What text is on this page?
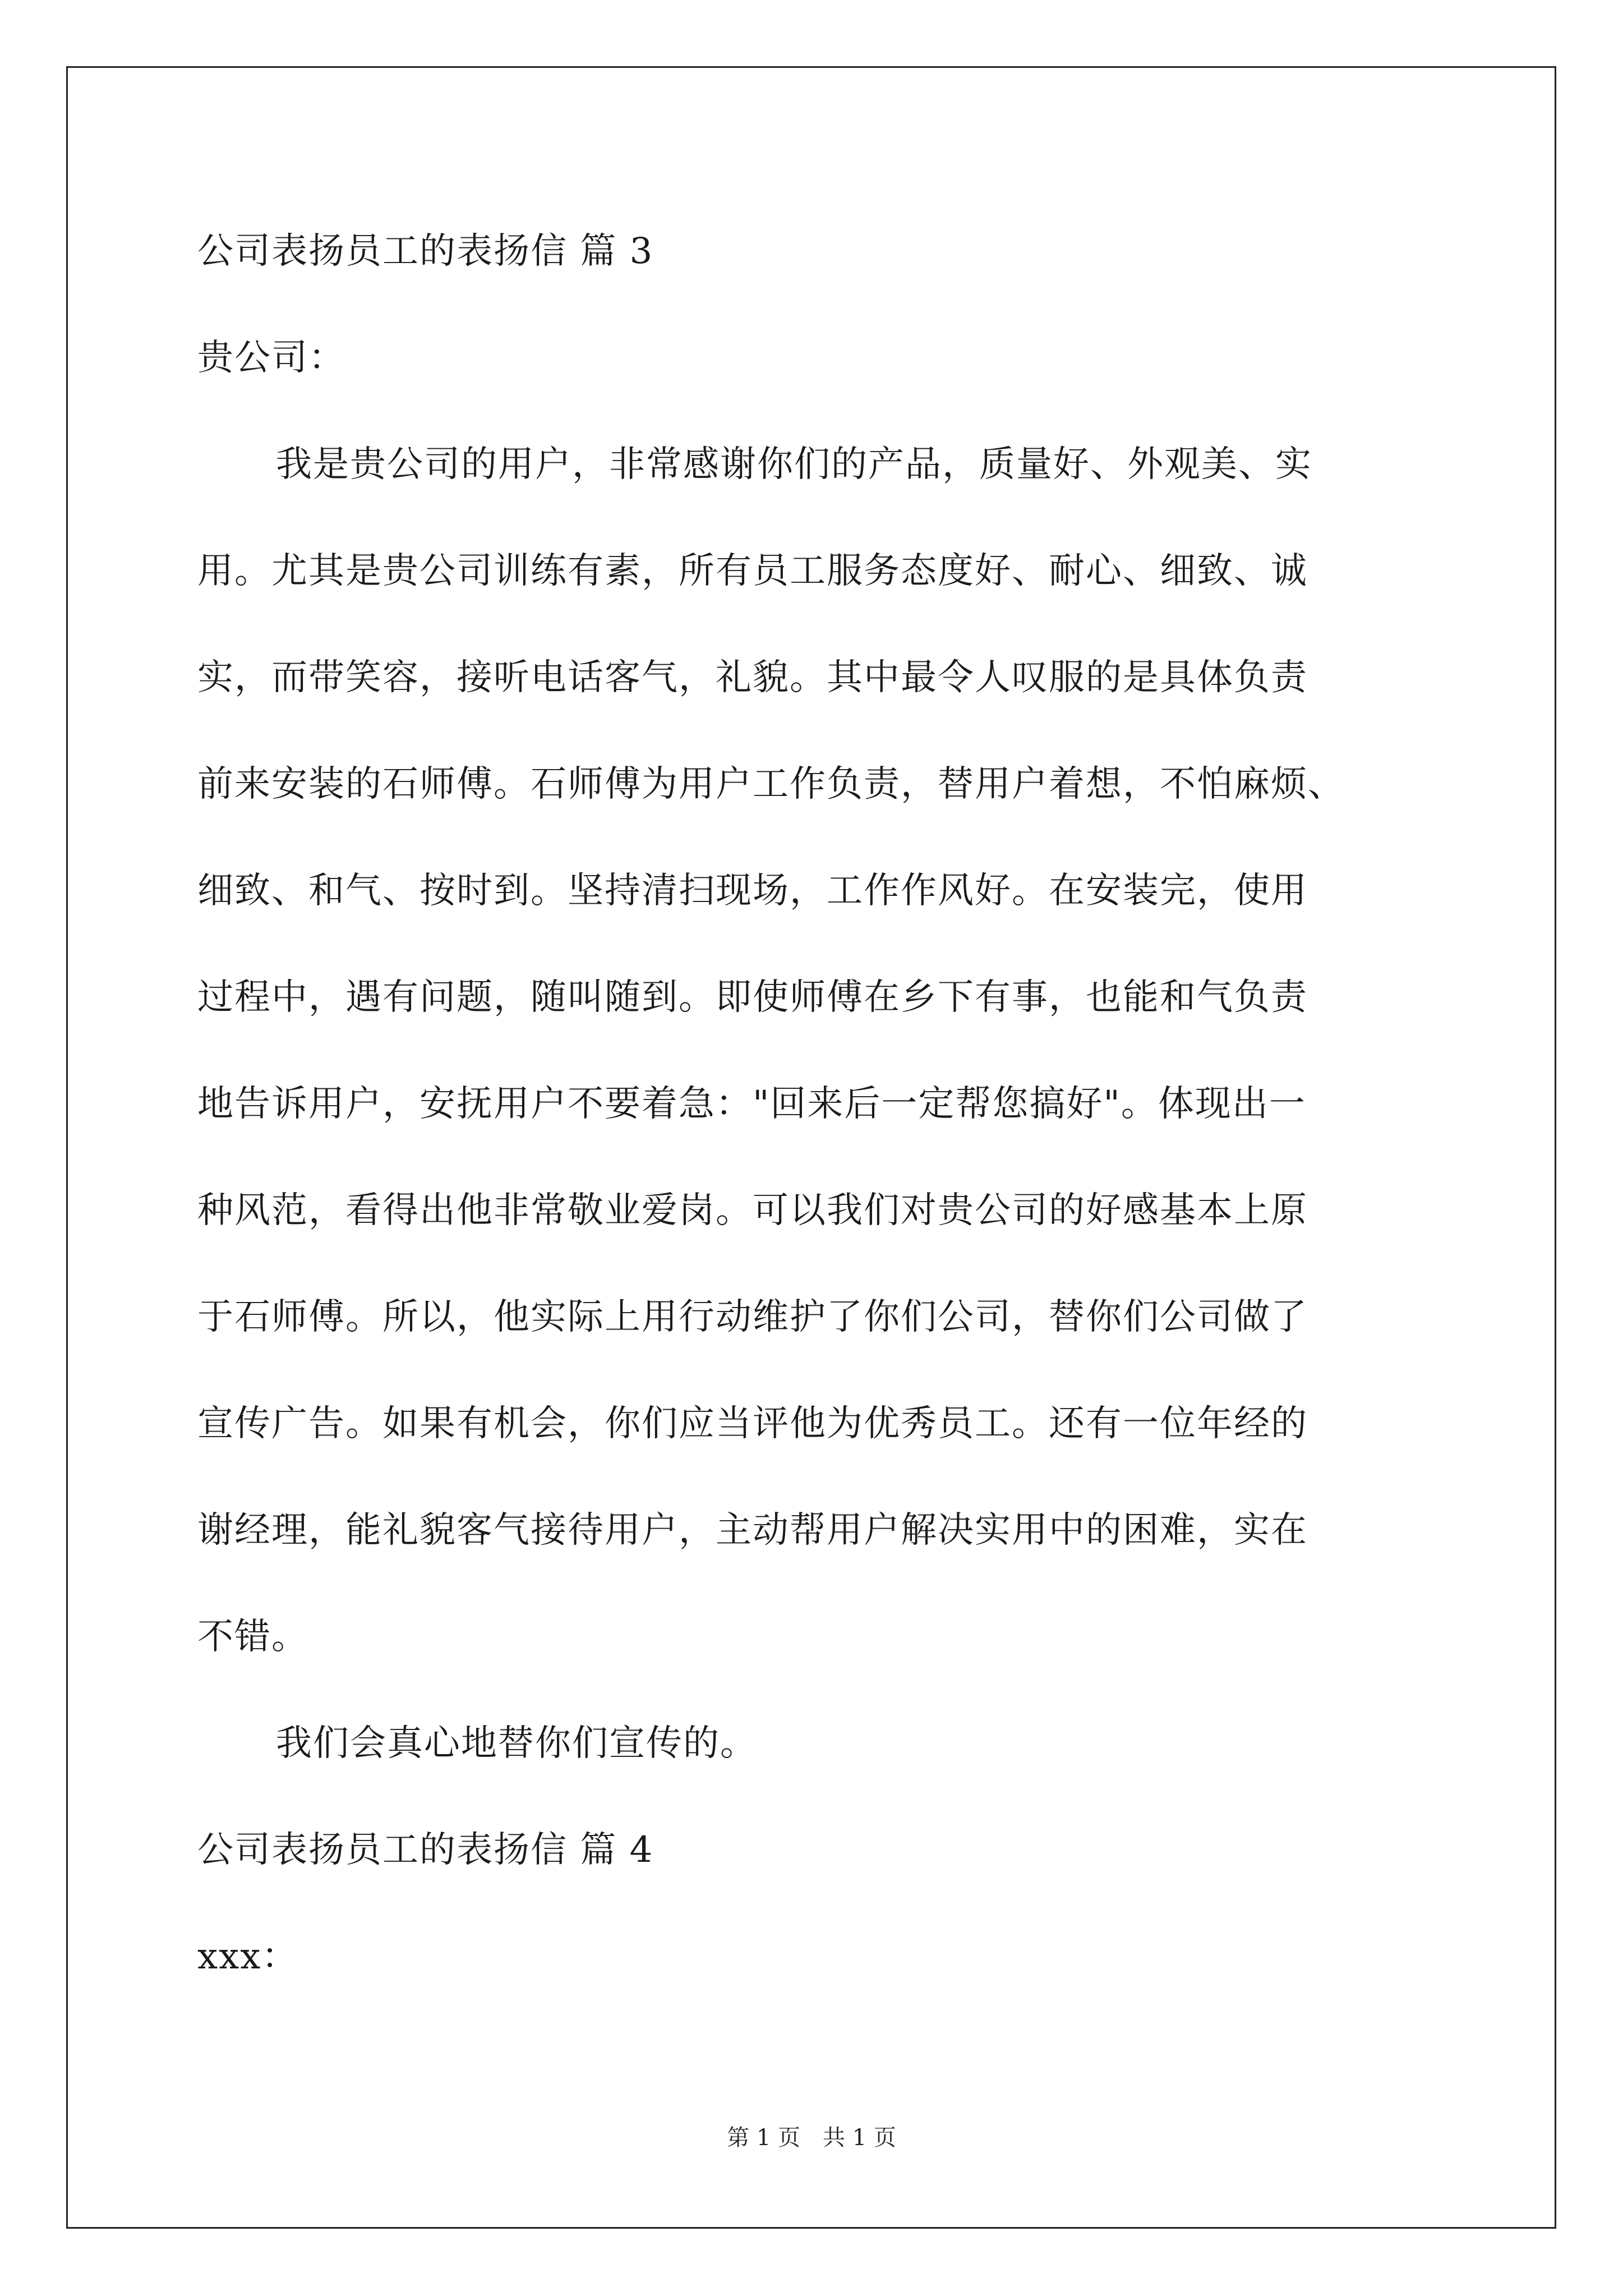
公司表扬员工的表扬信 篇 3
贵公司：
我是贵公司的用户，非常感谢你们的产品，质量好、外观美、实
用。尤其是贵公司训练有素，所有员工服务态度好、耐心、细致、诚
实，而带笑容，接听电话客气，礼貌。其中最令人叹服的是具体负责
前来安装的石师傅。石师傅为用户工作负责，替用户着想，不怕麻烦、
细致、和气、按时到。坚持清扫现场，工作作风好。在安装完，使用
过程中，遇有问题，随叫随到。即使师傅在乡下有事，也能和气负责
地告诉用户，安抚用户不要着急："回来后一定帮您搞好"。体现出一
种风范，看得出他非常敬业爱岗。可以我们对贵公司的好感基本上原
于石师傅。所以，他实际上用行动维护了你们公司，替你们公司做了
宣传广告。如果有机会，你们应当评他为优秀员工。还有一位年经的
谢经理，能礼貌客气接待用户，主动帮用户解决实用中的困难，实在
不错。
我们会真心地替你们宣传的。
公司表扬员工的表扬信 篇 4
xxx：
第 1 页　共 1 页
